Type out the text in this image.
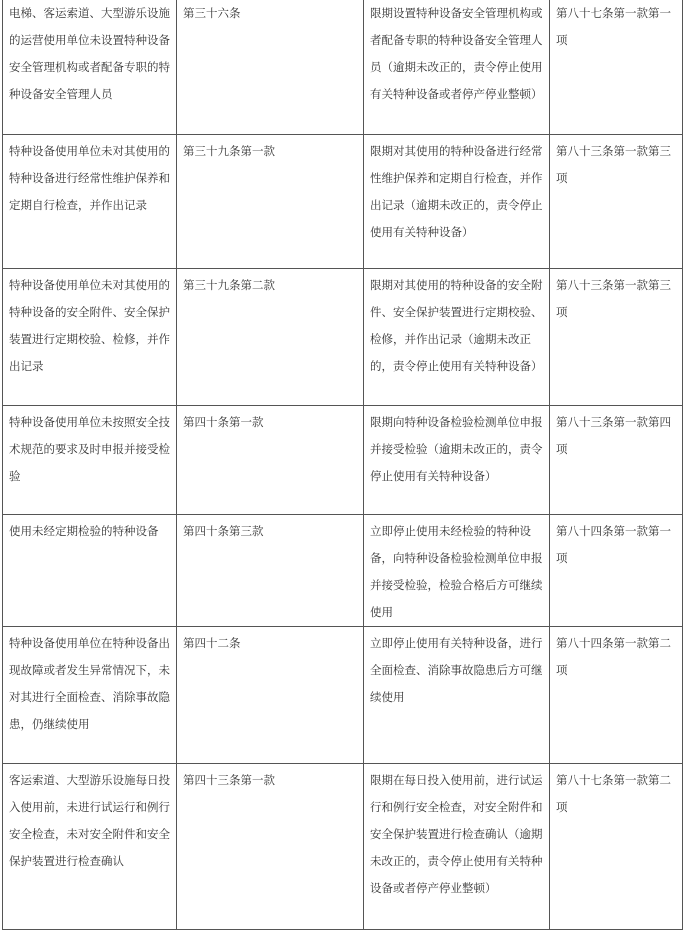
电梯、客运索道、大型游乐设施的运营使用单位未设置特种设备安全管理机构或者配备专职的特种设备安全管理人员	第三十六条	限期设置特种设备安全管理机构或者配备专职的特种设备安全管理人员（逾期未改正的，责令停止使用有关特种设备或者停产停业整顿）	第八十七条第一款第一项
特种设备使用单位未对其使用的特种设备进行经常性维护保养和定期自行检查，并作出记录	第三十九条第一款	限期对其使用的特种设备进行经常性维护保养和定期自行检查，并作出记录（逾期未改正的，责令停止使用有关特种设备）	第八十三条第一款第三项
特种设备使用单位未对其使用的特种设备的安全附件、安全保护装置进行定期校验、检修，并作出记录	第三十九条第二款	限期对其使用的特种设备的安全附件、安全保护装置进行定期校验、检修，并作出记录（逾期未改正的，责令停止使用有关特种设备）	第八十三条第一款第三项
特种设备使用单位未按照安全技术规范的要求及时申报并接受检验	第四十条第一款	限期向特种设备检验检测单位申报并接受检验（逾期未改正的，责令停止使用有关特种设备）	第八十三条第一款第四项
使用未经定期检验的特种设备	第四十条第三款	立即停止使用未经检验的特种设备，向特种设备检验检测单位申报并接受检验，检验合格后方可继续使用	第八十四条第一款第一项
特种设备使用单位在特种设备出现故障或者发生异常情况下，未对其进行全面检查、消除事故隐患，仍继续使用	第四十二条	立即停止使用有关特种设备，进行全面检查、消除事故隐患后方可继续使用	第八十四条第一款第二项
客运索道、大型游乐设施每日投入使用前，未进行试运行和例行安全检查，未对安全附件和安全保护装置进行检查确认	第四十三条第一款	限期在每日投入使用前，进行试运行和例行安全检查，对安全附件和安全保护装置进行检查确认（逾期未改正的，责令停止使用有关特种设备或者停产停业整顿）	第八十七条第一款第二项
